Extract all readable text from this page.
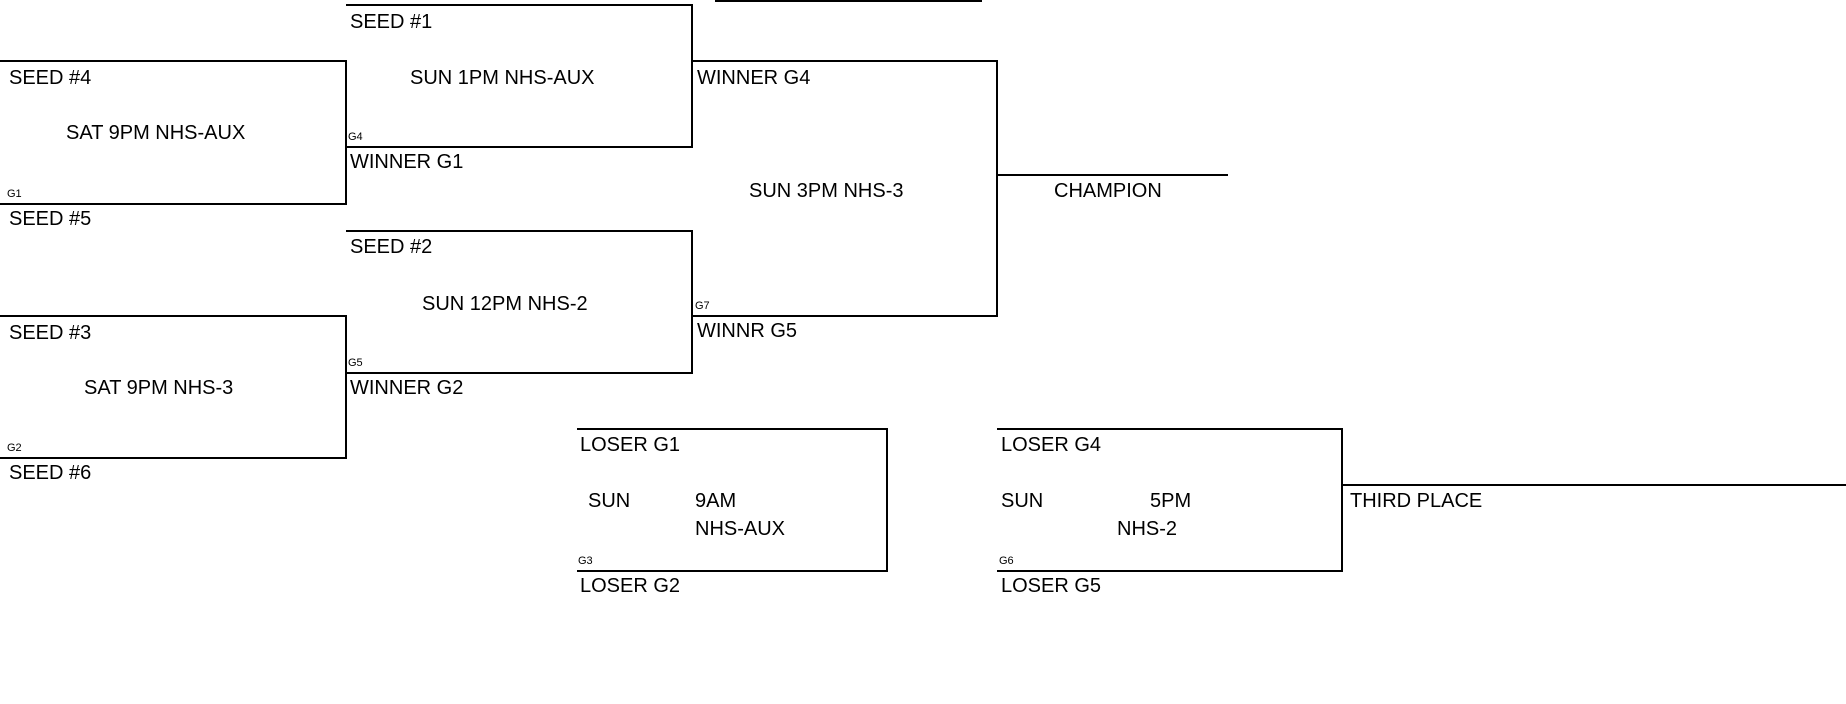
SEED #4
SAT 9PM NHS-AUX
G1
SEED #5
SEED #3
SAT 9PM NHS-3
G2
SEED #6
SEED #1
SUN 1PM NHS-AUX
G4
WINNER G1
SEED #2
SUN 12PM NHS-2
G5
WINNER G2
WINNER G4
SUN 3PM NHS-3
G7
WINNR G5
CHAMPION
LOSER G1
SUN	9AM
NHS-AUX
G3
LOSER G2
LOSER G4
SUN	5PM
NHS-2
G6
LOSER G5
THIRD PLACE
